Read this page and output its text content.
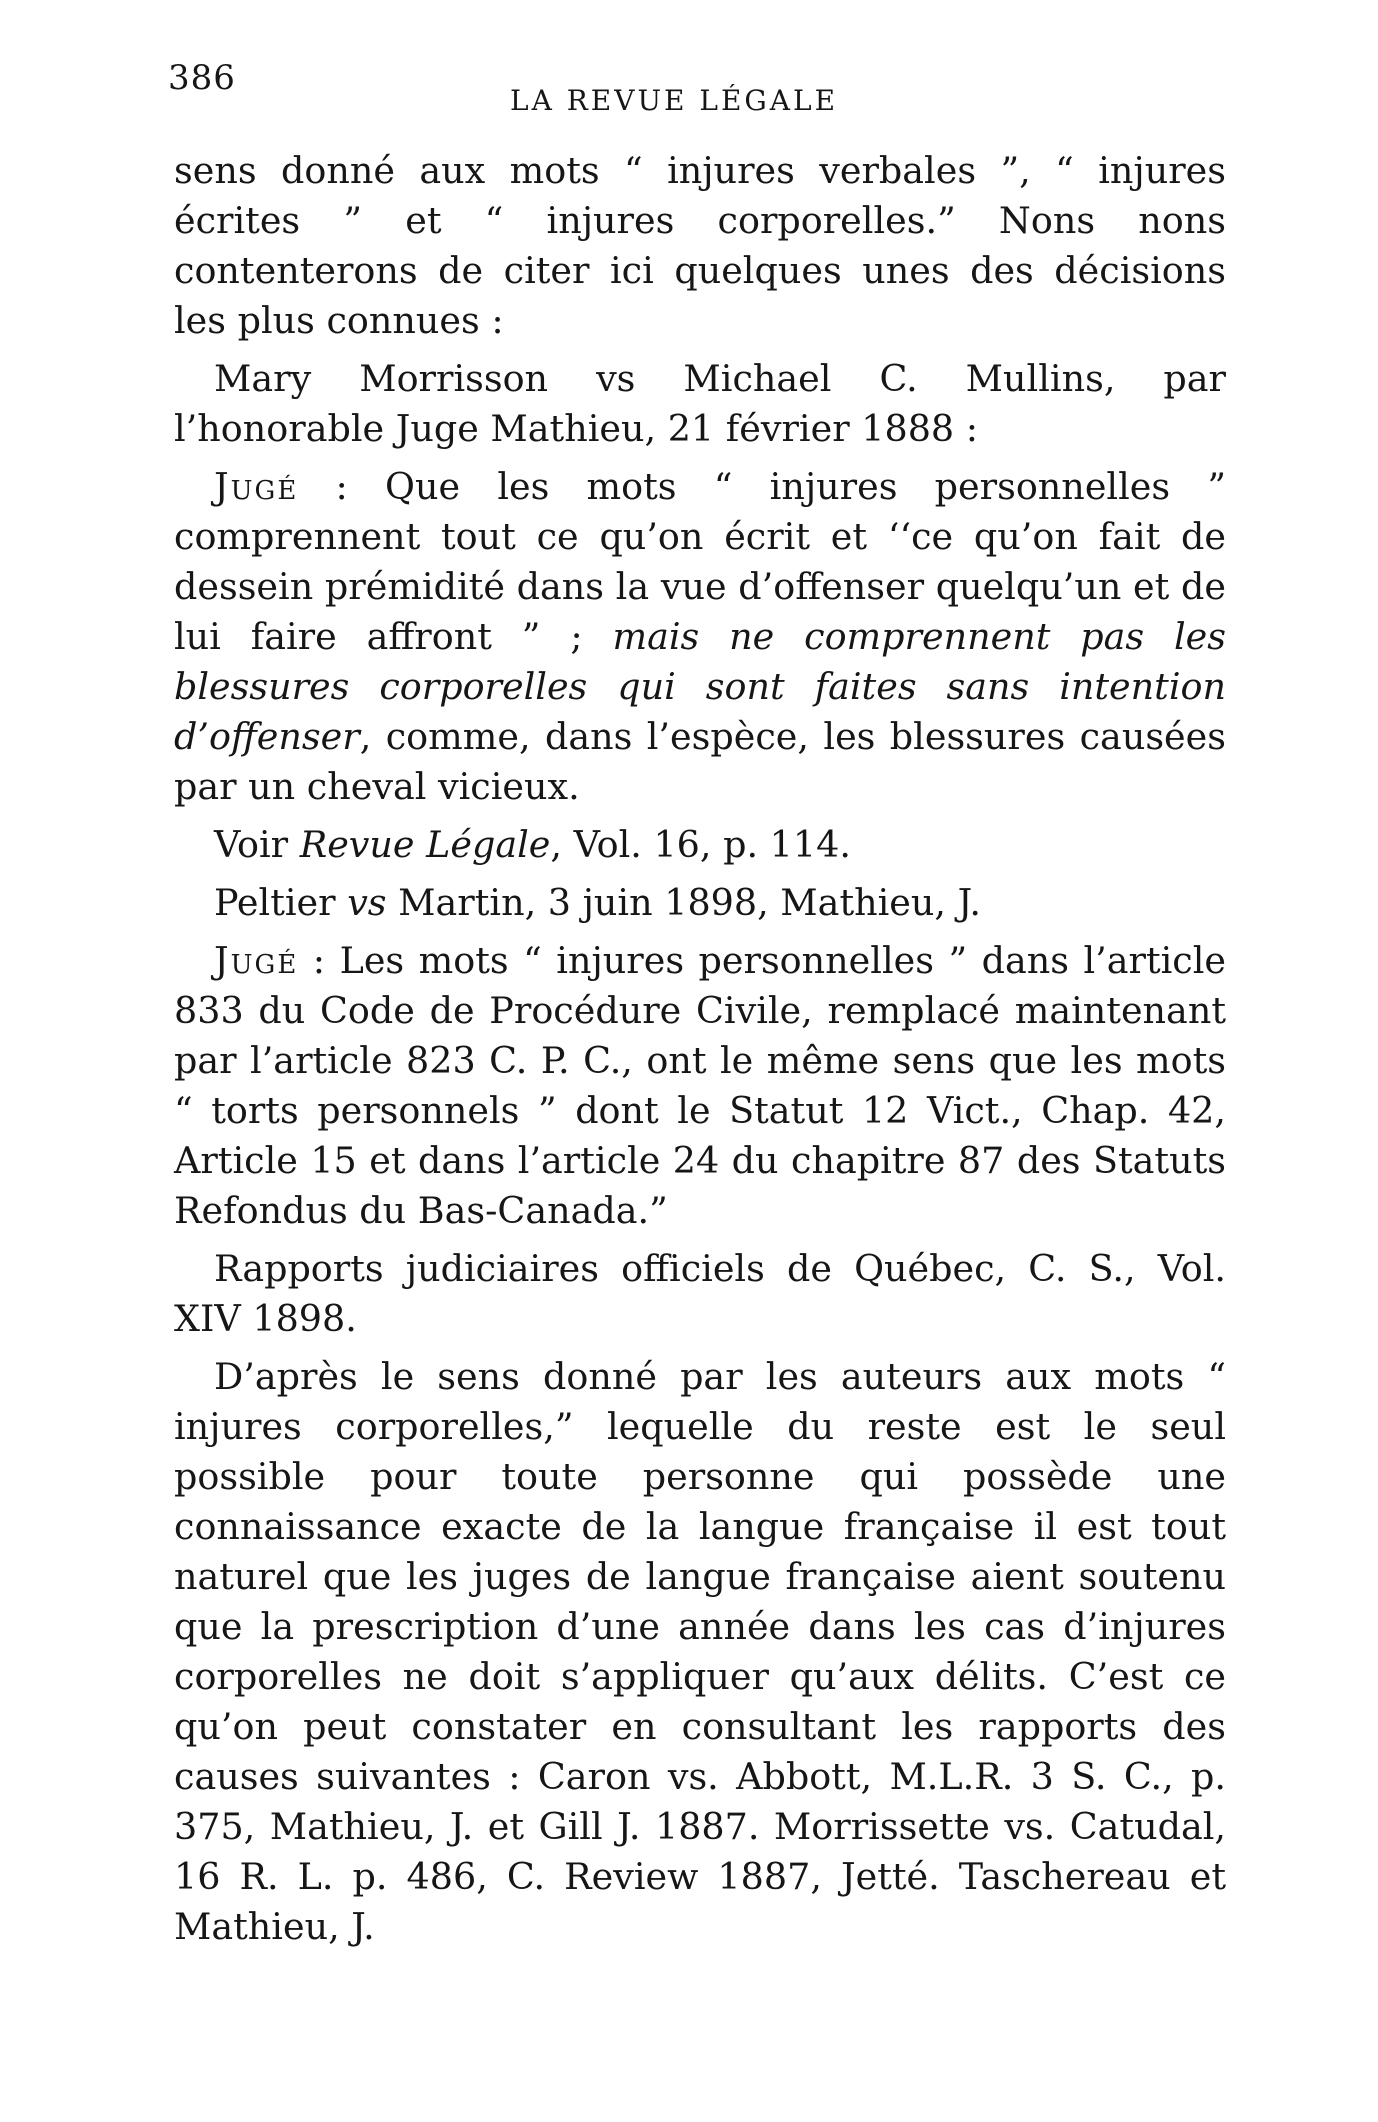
386
LA REVUE LÉGALE

sens donné aux mots “ injures verbales ”, “ injures écrites ” et “ injures corporelles.” Nons nons contenterons de citer ici quelques unes des décisions les plus connues :

Mary Morrisson vs Michael C. Mullins, par l’honorable Juge Mathieu, 21 février 1888 :

Jugé : Que les mots “ injures personnelles ” comprennent tout ce qu’on écrit et ‘‘ce qu’on fait de dessein prémidité dans la vue d’offenser quelqu’un et de lui faire affront ” ; mais ne comprennent pas les blessures corporelles qui sont faites sans intention d’offenser, comme, dans l’espèce, les blessures causées par un cheval vicieux.

Voir Revue Légale, Vol. 16, p. 114.

Peltier vs Martin, 3 juin 1898, Mathieu, J.

Jugé : Les mots “ injures personnelles ” dans l’article 833 du Code de Procédure Civile, remplacé maintenant par l’article 823 C. P. C., ont le même sens que les mots “ torts personnels ” dont le Statut 12 Vict., Chap. 42, Article 15 et dans l’article 24 du chapitre 87 des Statuts Refondus du Bas-Canada.”

Rapports judiciaires officiels de Québec, C. S., Vol. XIV 1898.

D’après le sens donné par les auteurs aux mots “ injures corporelles,” lequelle du reste est le seul possible pour toute personne qui possède une connaissance exacte de la langue française il est tout naturel que les juges de langue française aient soutenu que la prescription d’une année dans les cas d’injures corporelles ne doit s’appliquer qu’aux délits. C’est ce qu’on peut constater en consultant les rapports des causes suivantes : Caron vs. Abbott, M.L.R. 3 S. C., p. 375, Mathieu, J. et Gill J. 1887. Morrissette vs. Catudal, 16 R. L. p. 486, C. Review 1887, Jetté. Taschereau et Mathieu, J.
